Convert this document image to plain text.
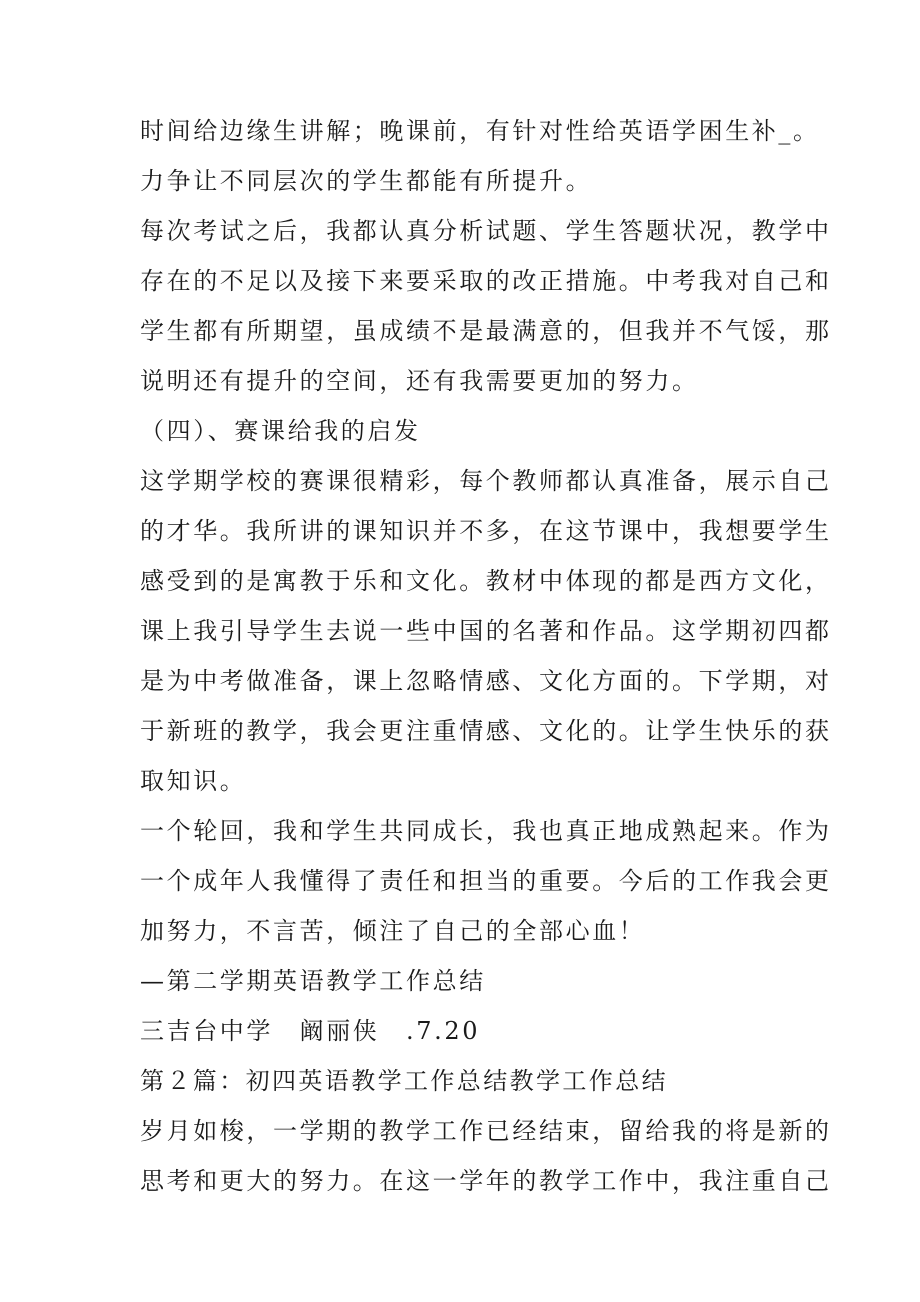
时间给边缘生讲解；晚课前，有针对性给英语学困生补_。
力争让不同层次的学生都能有所提升。
每次考试之后，我都认真分析试题、学生答题状况，教学中
存在的不足以及接下来要采取的改正措施。中考我对自己和
学生都有所期望，虽成绩不是最满意的，但我并不气馁，那
说明还有提升的空间，还有我需要更加的努力。
（四）、赛课给我的启发
这学期学校的赛课很精彩，每个教师都认真准备，展示自己
的才华。我所讲的课知识并不多，在这节课中，我想要学生
感受到的是寓教于乐和文化。教材中体现的都是西方文化，
课上我引导学生去说一些中国的名著和作品。这学期初四都
是为中考做准备，课上忽略情感、文化方面的。下学期，对
于新班的教学，我会更注重情感、文化的。让学生快乐的获
取知识。
一个轮回，我和学生共同成长，我也真正地成熟起来。作为
一个成年人我懂得了责任和担当的重要。今后的工作我会更
加努力，不言苦，倾注了自己的全部心血！
—第二学期英语教学工作总结
三吉台中学　阚丽侠　.7.20
第２篇：初四英语教学工作总结教学工作总结
岁月如梭，一学期的教学工作已经结束，留给我的将是新的
思考和更大的努力。在这一学年的教学工作中，我注重自己
